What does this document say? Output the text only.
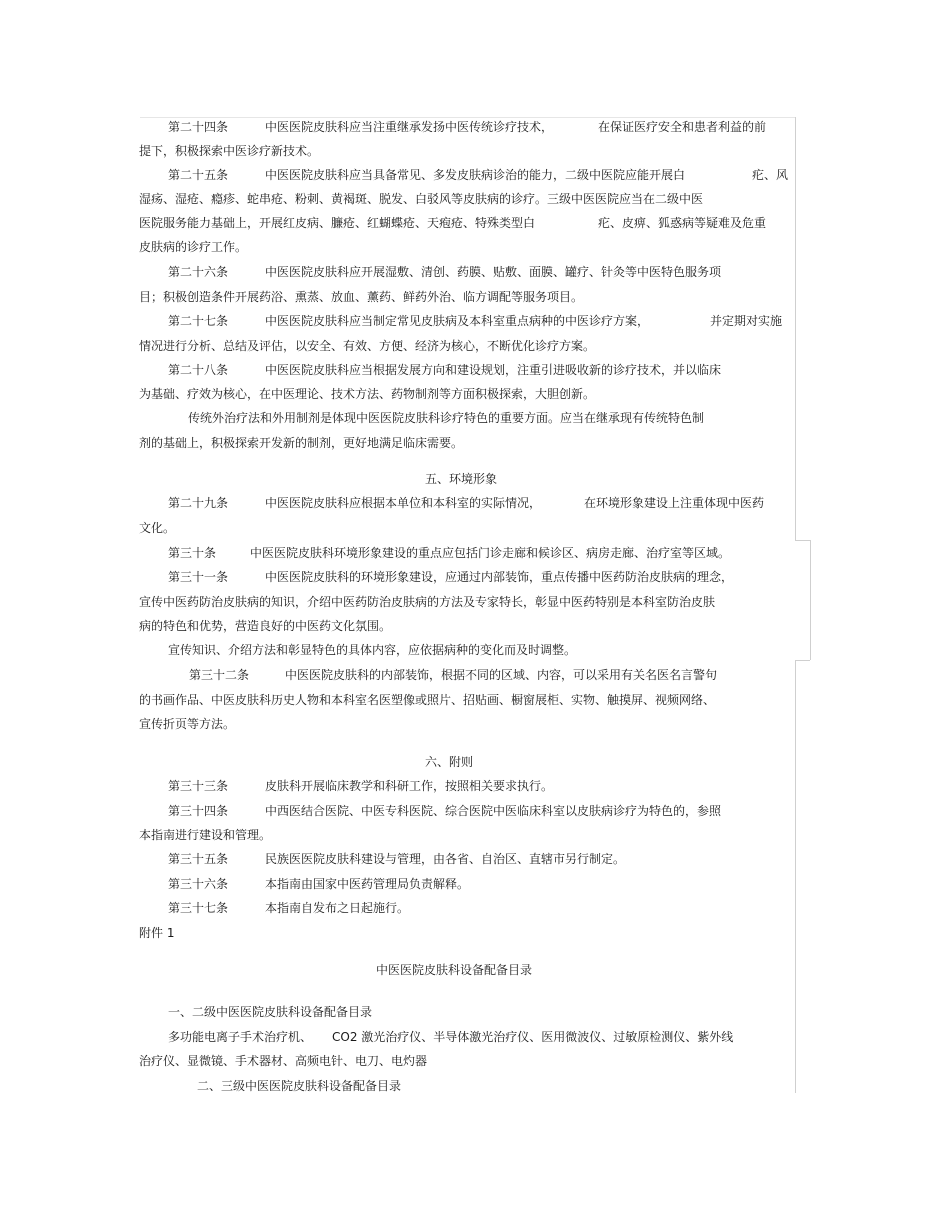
第二十四条	中医医院皮肤科应当注重继承发扬中医传统诊疗技术，	在保证医疗安全和患者利益的前
提下，积极探索中医诊疗新技术。
第二十五条	中医医院皮肤科应当具备常见、多发皮肤病诊治的能力，二级中医院应能开展白	疕、风
湿疡、湿疮、瘾疹、蛇串疮、粉刺、黄褐斑、脱发、白驳风等皮肤病的诊疗。三级中医医院应当在二级中医
医院服务能力基础上，开展红皮病、臁疮、红蝴蝶疮、天疱疮、特殊类型白	疕、皮痹、狐惑病等疑难及危重
皮肤病的诊疗工作。
第二十六条	中医医院皮肤科应开展湿敷、清创、药膜、贴敷、面膜、罐疗、针灸等中医特色服务项
目；积极创造条件开展药浴、熏蒸、放血、薰药、鲜药外治、临方调配等服务项目。
第二十七条	中医医院皮肤科应当制定常见皮肤病及本科室重点病种的中医诊疗方案，	并定期对实施
情况进行分析、总结及评估，以安全、有效、方便、经济为核心，不断优化诊疗方案。
第二十八条	中医医院皮肤科应当根据发展方向和建设规划，注重引进吸收新的诊疗技术，并以临床
为基础、疗效为核心，在中医理论、技术方法、药物制剂等方面积极探索，大胆创新。
传统外治疗法和外用制剂是体现中医医院皮肤科诊疗特色的重要方面。应当在继承现有传统特色制
剂的基础上，积极探索开发新的制剂，更好地满足临床需要。
五、环境形象
第二十九条	中医医院皮肤科应根据本单位和本科室的实际情况，	在环境形象建设上注重体现中医药
文化。
第三十条	中医医院皮肤科环境形象建设的重点应包括门诊走廊和候诊区、病房走廊、治疗室等区域。
第三十一条	中医医院皮肤科的环境形象建设，应通过内部装饰，重点传播中医药防治皮肤病的理念，
宣传中医药防治皮肤病的知识，介绍中医药防治皮肤病的方法及专家特长，彰显中医药特别是本科室防治皮肤
病的特色和优势，营造良好的中医药文化氛围。
宣传知识、介绍方法和彰显特色的具体内容，应依据病种的变化而及时调整。
第三十二条	中医医院皮肤科的内部装饰，根据不同的区域、内容，可以采用有关名医名言警句
的书画作品、中医皮肤科历史人物和本科室名医塑像或照片、招贴画、橱窗展柜、实物、触摸屏、视频网络、
宣传折页等方法。
六、附则
第三十三条	皮肤科开展临床教学和科研工作，按照相关要求执行。
第三十四条	中西医结合医院、中医专科医院、综合医院中医临床科室以皮肤病诊疗为特色的，参照
本指南进行建设和管理。
第三十五条	民族医医院皮肤科建设与管理，由各省、自治区、直辖市另行制定。
第三十六条	本指南由国家中医药管理局负责解释。
第三十七条	本指南自发布之日起施行。
附件 1
中医医院皮肤科设备配备目录
一、二级中医医院皮肤科设备配备目录
多功能电离子手术治疗机、 CO2 激光治疗仪、半导体激光治疗仪、医用微波仪、过敏原检测仪、紫外线
治疗仪、显微镜、手术器材、高频电针、电刀、电灼器
二、三级中医医院皮肤科设备配备目录
